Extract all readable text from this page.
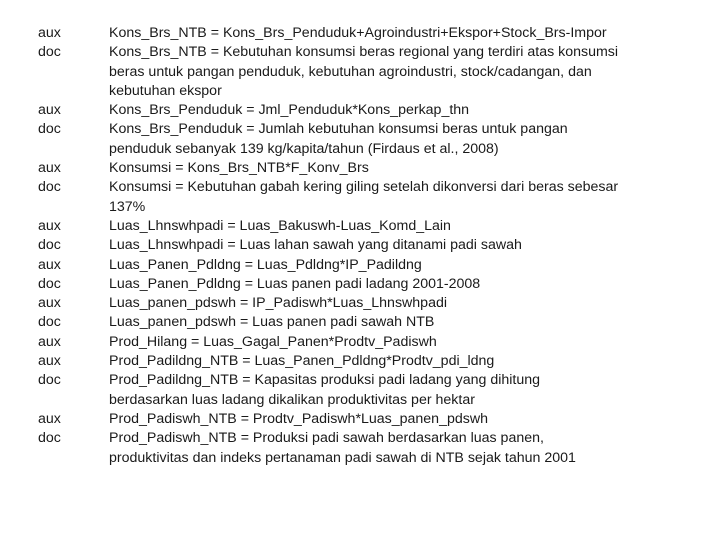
aux	Kons_Brs_NTB = Kons_Brs_Penduduk+Agroindustri+Ekspor+Stock_Brs-Impor
doc	Kons_Brs_NTB = Kebutuhan konsumsi beras regional yang terdiri atas konsumsi
beras untuk pangan penduduk, kebutuhan agroindustri, stock/cadangan, dan
kebutuhan ekspor
aux	Kons_Brs_Penduduk = Jml_Penduduk*Kons_perkap_thn
doc	Kons_Brs_Penduduk = Jumlah kebutuhan konsumsi beras untuk pangan
penduduk sebanyak 139 kg/kapita/tahun (Firdaus et al., 2008)
aux	Konsumsi = Kons_Brs_NTB*F_Konv_Brs
doc	Konsumsi = Kebutuhan gabah kering giling setelah dikonversi dari beras sebesar
137%
aux	Luas_Lhnswhpadi = Luas_Bakuswh-Luas_Komd_Lain
doc	Luas_Lhnswhpadi = Luas lahan sawah yang ditanami padi sawah
aux	Luas_Panen_Pdldng = Luas_Pdldng*IP_Padildng
doc	Luas_Panen_Pdldng = Luas panen padi ladang 2001-2008
aux	Luas_panen_pdswh = IP_Padiswh*Luas_Lhnswhpadi
doc	Luas_panen_pdswh = Luas panen padi sawah NTB
aux	Prod_Hilang = Luas_Gagal_Panen*Prodtv_Padiswh
aux	Prod_Padildng_NTB = Luas_Panen_Pdldng*Prodtv_pdi_ldng
doc	Prod_Padildng_NTB = Kapasitas produksi padi ladang yang dihitung
berdasarkan luas ladang dikalikan produktivitas per hektar
aux	Prod_Padiswh_NTB = Prodtv_Padiswh*Luas_panen_pdswh
doc	Prod_Padiswh_NTB = Produksi padi sawah berdasarkan luas panen,
produktivitas dan indeks pertanaman padi sawah di NTB sejak tahun 2001
